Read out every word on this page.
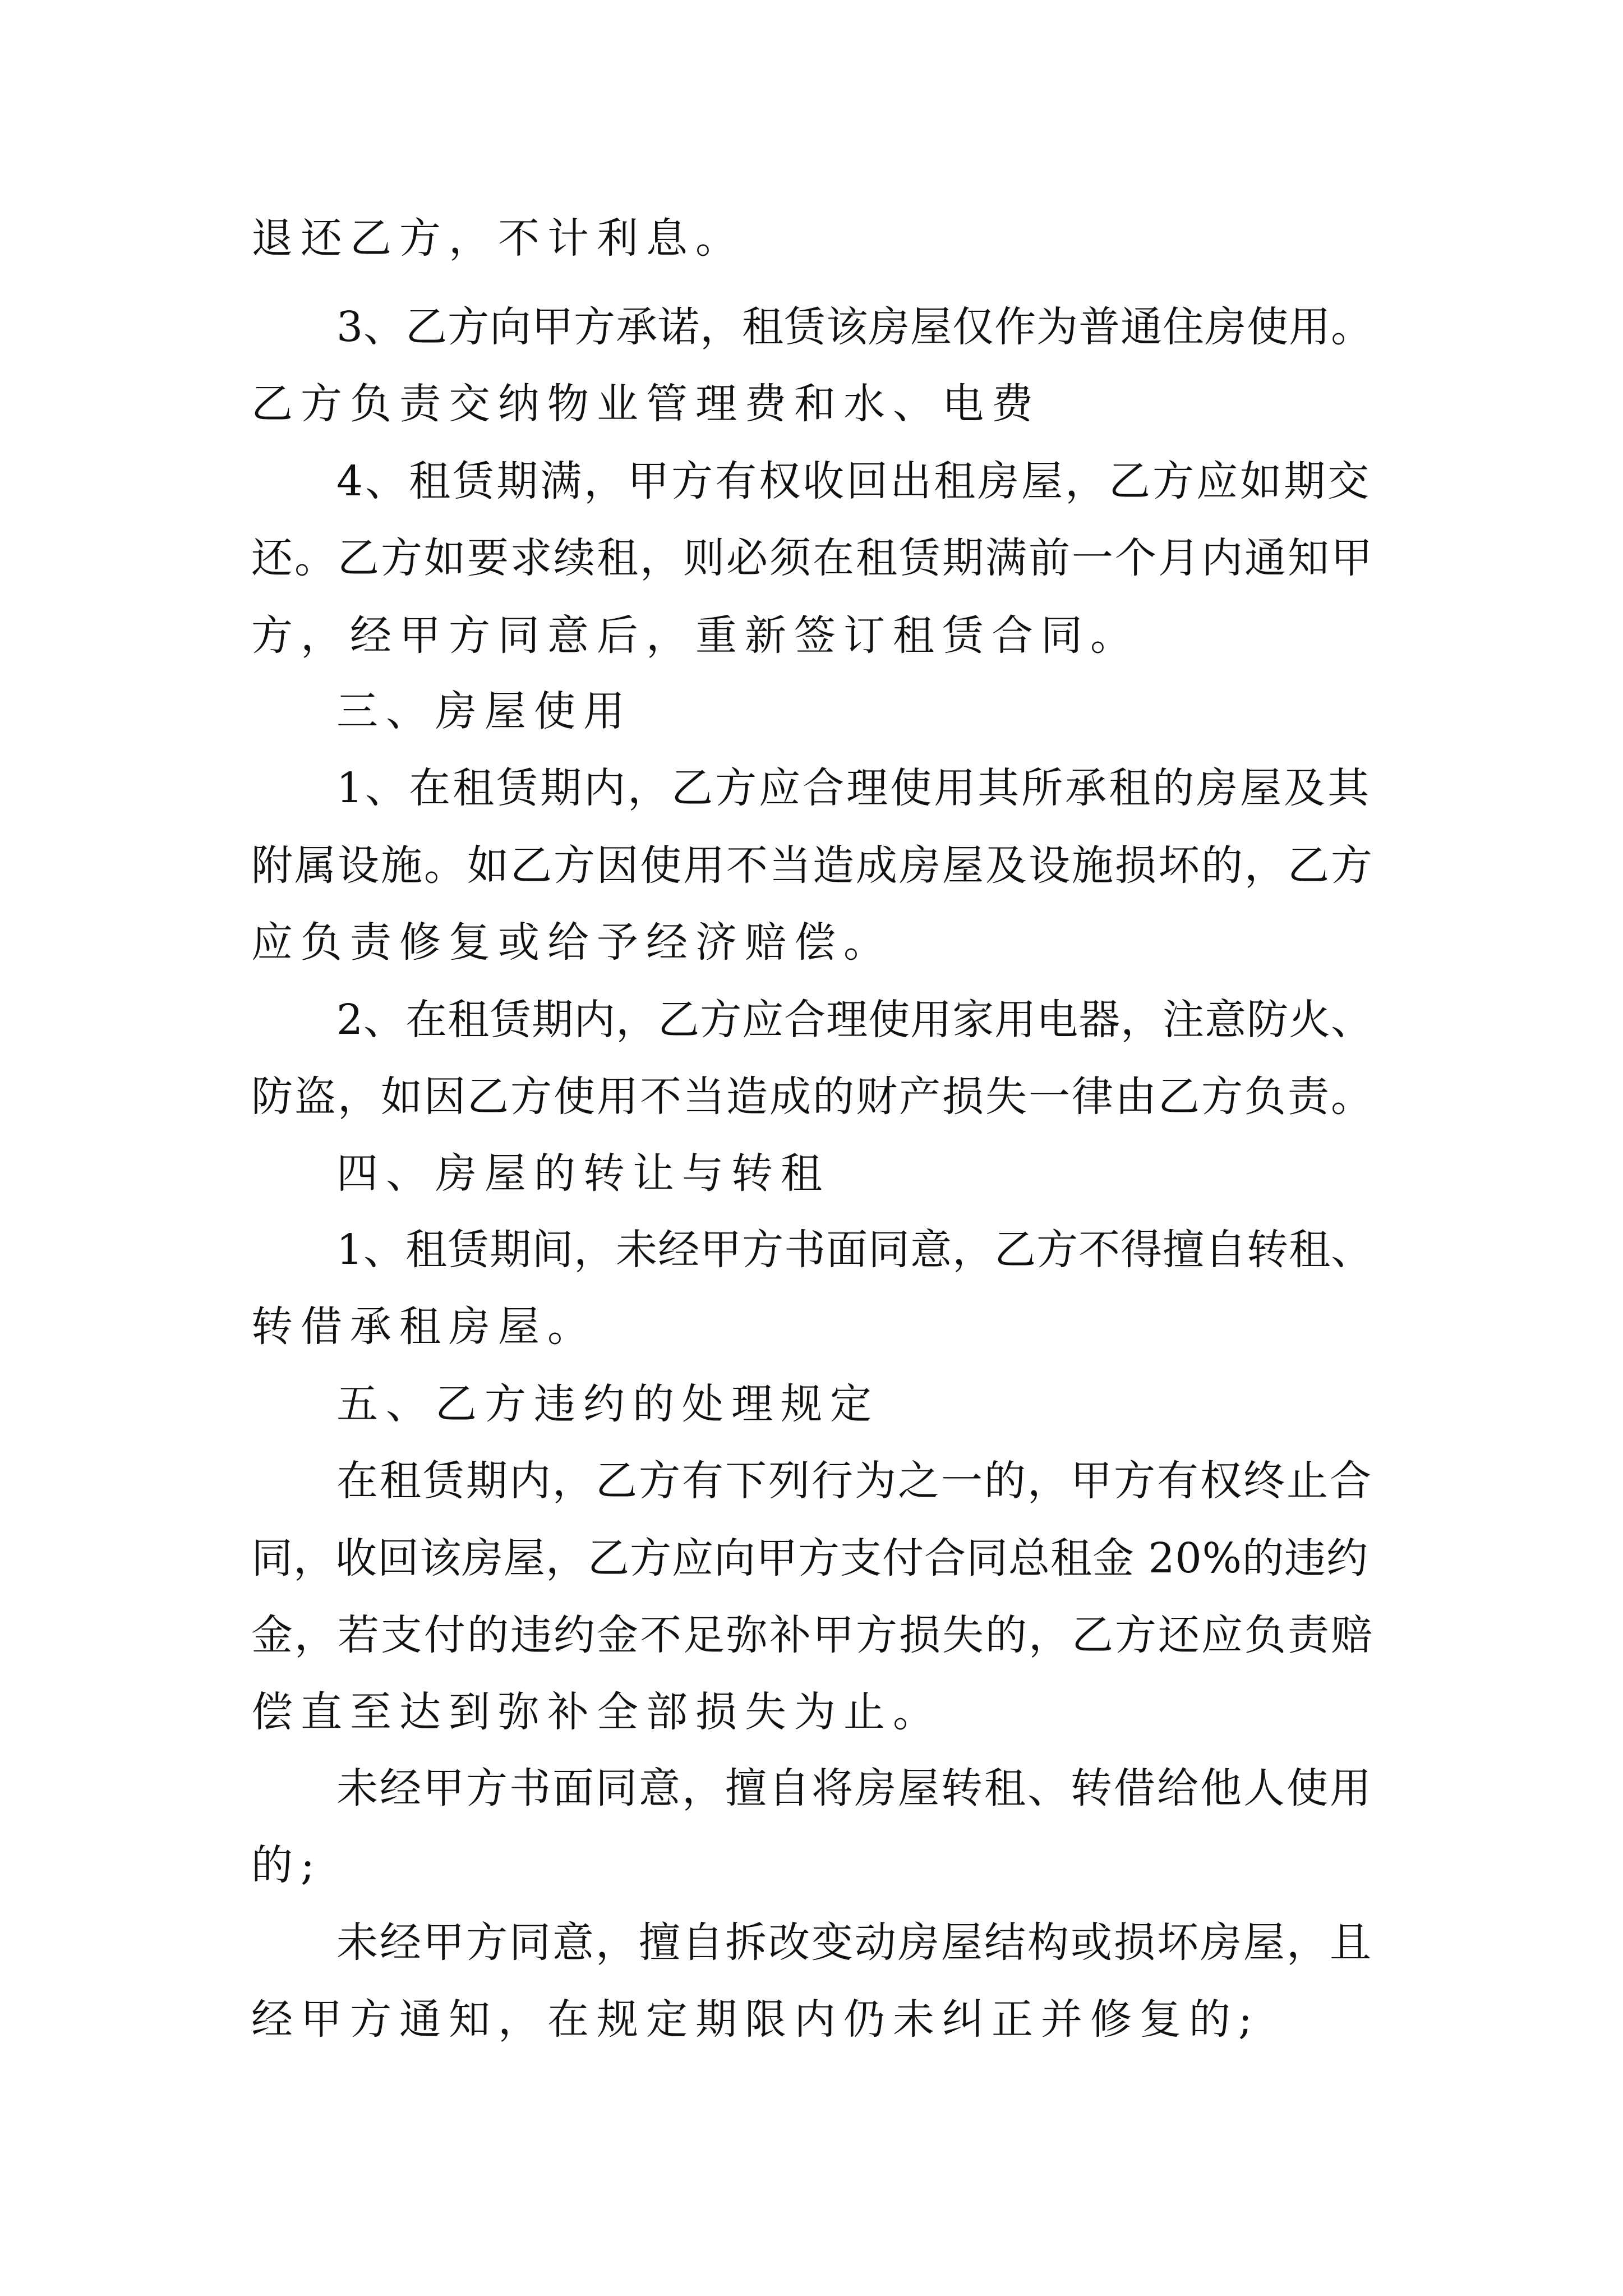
退还乙方，不计利息。
3、乙方向甲方承诺，租赁该房屋仅作为普通住房使用。
乙方负责交纳物业管理费和水、电费
4、租赁期满，甲方有权收回出租房屋，乙方应如期交
还。乙方如要求续租，则必须在租赁期满前一个月内通知甲
方，经甲方同意后，重新签订租赁合同。
三、房屋使用
1、在租赁期内，乙方应合理使用其所承租的房屋及其
附属设施。如乙方因使用不当造成房屋及设施损坏的，乙方
应负责修复或给予经济赔偿。
2、在租赁期内，乙方应合理使用家用电器，注意防火、
防盗，如因乙方使用不当造成的财产损失一律由乙方负责。
四、房屋的转让与转租
1、租赁期间，未经甲方书面同意，乙方不得擅自转租、
转借承租房屋。
五、乙方违约的处理规定
在租赁期内，乙方有下列行为之一的，甲方有权终止合
同，收回该房屋，乙方应向甲方支付合同总租金 20%的违约
金，若支付的违约金不足弥补甲方损失的，乙方还应负责赔
偿直至达到弥补全部损失为止。
未经甲方书面同意，擅自将房屋转租、转借给他人使用
的;
未经甲方同意，擅自拆改变动房屋结构或损坏房屋，且
经甲方通知，在规定期限内仍未纠正并修复的;
